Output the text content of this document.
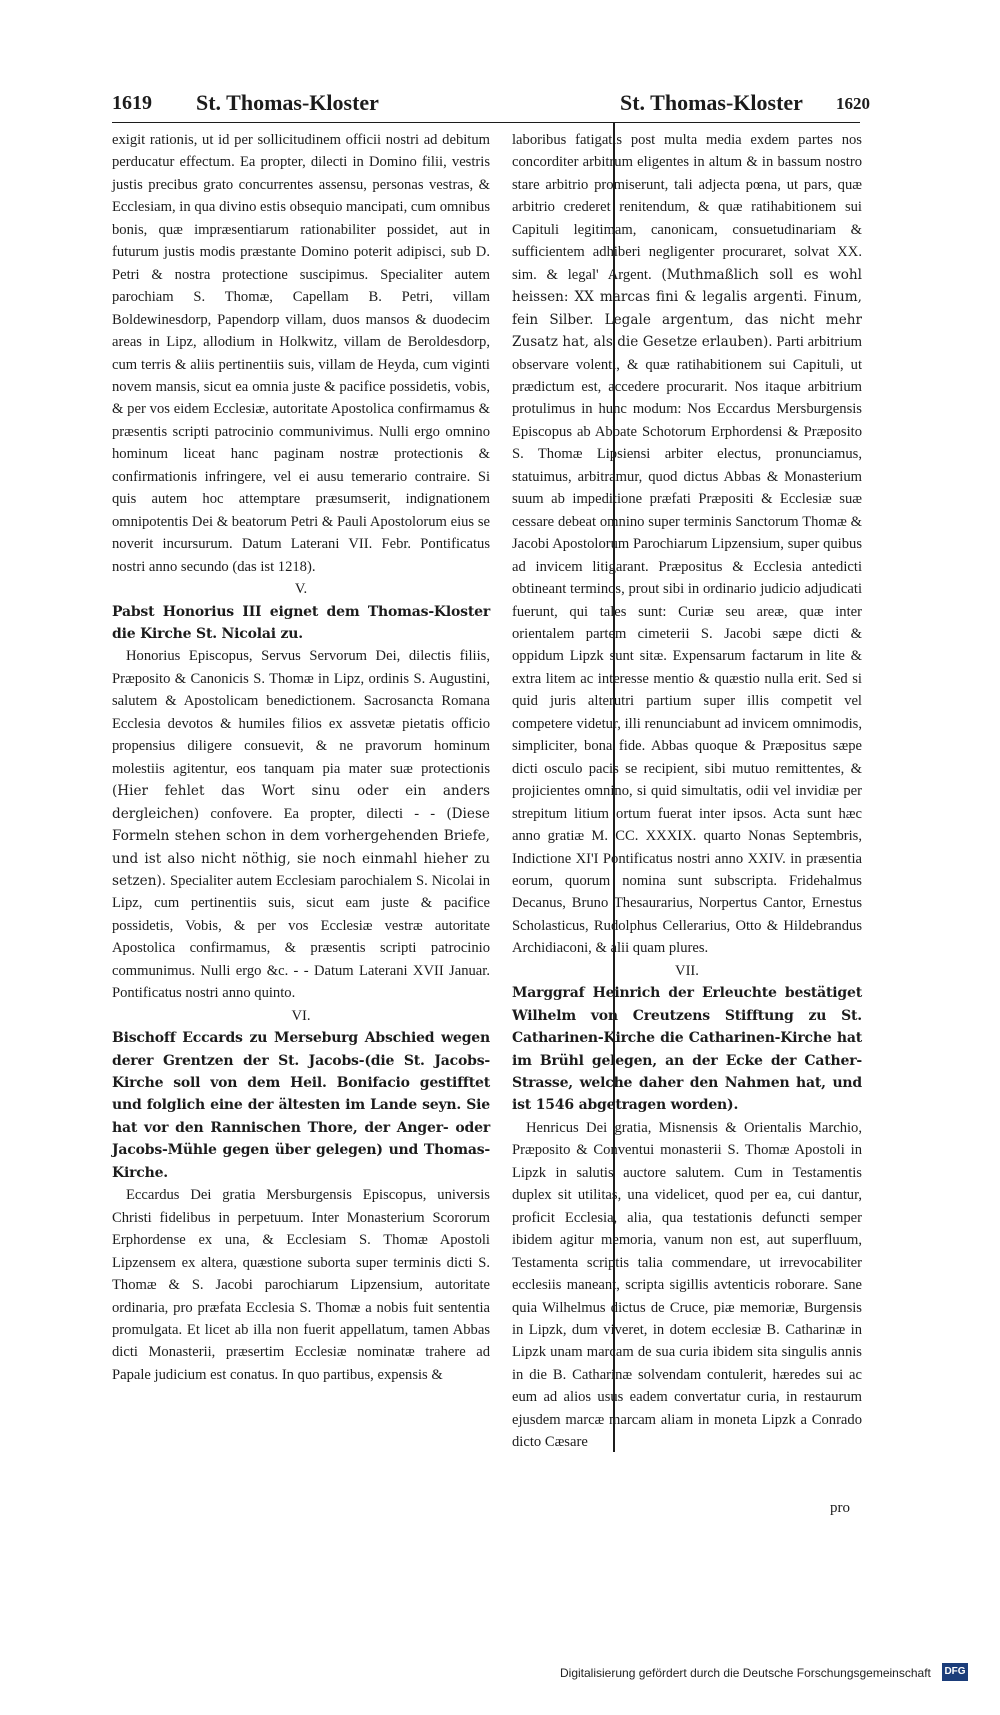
1619 St. Thomas-Kloster	St. Thomas-Kloster 1620

exigit rationis, ut id per sollicitudinem officii nostri ad debitum perducatur effectum. Ea propter, dilecti in Domino filii, vestris justis precibus grato concurrentes assensu, personas vestras, & Ecclesiam, in qua divino estis obsequio mancipati, cum omnibus bonis, quæ impræsentiarum rationabiliter possidet, aut in futurum justis modis præstante Domino poterit adipisci, sub D. Petri & nostra protectione suscipimus. Specialiter autem parochiam S. Thomæ, Capellam B. Petri, villam Boldewinesdorp, Papendorp villam, duos mansos & duodecim areas in Lipz, allodium in Holkwitz, villam de Beroldesdorp, cum terris & aliis pertinentiis suis, villam de Heyda, cum viginti novem mansis, sicut ea omnia juste & pacifice possidetis, vobis, & per vos eidem Ecclesiæ, autoritate Apostolica confirmamus & præsentis scripti patrocinio communivimus. Nulli ergo omnino hominum liceat hanc paginam nostræ protectionis & confirmationis infringere, vel ei ausu temerario contraire. Si quis autem hoc attemptare præsumserit, indignationem omnipotentis Dei & beatorum Petri & Pauli Apostolorum eius se noverit incursurum. Datum Laterani VII. Febr. Pontificatus nostri anno secundo (das ist 1218).

V.

Pabst Honorius III eignet dem Thomas-Kloster die Kirche St. Nicolai zu.

Honorius Episcopus, Servus Servorum Dei, dilectis filiis, Præposito & Canonicis S. Thomæ in Lipz, ordinis S. Augustini, salutem & Apostolicam benedictionem. Sacrosancta Romana Ecclesia devotos & humiles filios ex assvetæ pietatis officio propensius diligere consuevit, & ne pravorum hominum molestiis agitentur, eos tanquam pia mater suæ protectionis (Hier fehlet das Wort sinu oder ein anders dergleichen) confovere. Ea propter, dilecti - - (Diese Formeln stehen schon in dem vorhergehenden Briefe, und ist also nicht nöthig, sie noch einmahl hieher zu setzen). Specialiter autem Ecclesiam parochialem S. Nicolai in Lipz, cum pertinentiis suis, sicut eam juste & pacifice possidetis, Vobis, & per vos Ecclesiæ vestræ autoritate Apostolica confirmamus, & præsentis scripti patrocinio communimus. Nulli ergo &c. - - Datum Laterani XVII Januar. Pontificatus nostri anno quinto.

VI.

Bischoff Eccards zu Merseburg Abschied wegen derer Grentzen der St. Jacobs-(die St. Jacobs-Kirche soll von dem Heil. Bonifacio gestifftet und folglich eine der ältesten im Lande seyn. Sie hat vor den Rannischen Thore, der Anger- oder Jacobs-Mühle gegen über gelegen) und Thomas-Kirche.

Eccardus Dei gratia Mersburgensis Episcopus, universis Christi fidelibus in perpetuum. Inter Monasterium Scororum Erphordense ex una, & Ecclesiam S. Thomæ Apostoli Lipzensem ex altera, quæstione suborta super terminis dicti S. Thomæ & S. Jacobi parochiarum Lipzensium, autoritate ordinaria, pro præfata Ecclesia S. Thomæ a nobis fuit sententia promulgata. Et licet ab illa non fuerit appellatum, tamen Abbas dicti Monasterii, præsertim Ecclesiæ nominatæ trahere ad Papale judicium est conatus. In quo partibus, expensis &

laboribus fatigatis post multa media exdem partes nos concorditer arbitrum eligentes in altum & in bassum nostro stare arbitrio promiserunt, tali adjecta pœna, ut pars, quæ arbitrio crederet renitendum, & quæ ratihabitionem sui Capituli legitimam, canonicam, consuetudinariam & sufficientem adhiberi negligenter procuraret, solvat XX. sim. & legal' Argent. (Muthmaßlich soll es wohl heissen: XX marcas fini & legalis argenti. Finum, fein Silber. Legale argentum, das nicht mehr Zusatz hat, als die Gesetze erlauben). Parti arbitrium observare volenti, & quæ ratihabitionem sui Capituli, ut prædictum est, accedere procurarit. Nos itaque arbitrium protulimus in hunc modum: Nos Eccardus Mersburgensis Episcopus ab Abbate Schotorum Erphordensi & Præposito S. Thomæ Lipsiensi arbiter electus, pronunciamus, statuimus, arbitramur, quod dictus Abbas & Monasterium suum ab impeditione præfati Præpositi & Ecclesiæ suæ cessare debeat omnino super terminis Sanctorum Thomæ & Jacobi Apostolorum Parochiarum Lipzensium, super quibus ad invicem litigarant. Præpositus & Ecclesia antedicti obtineant terminos, prout sibi in ordinario judicio adjudicati fuerunt, qui tales sunt: Curiæ seu areæ, quæ inter orientalem partem cimeterii S. Jacobi sæpe dicti & oppidum Lipzk sunt sitæ. Expensarum factarum in lite & extra litem ac interesse mentio & quæstio nulla erit. Sed si quid juris alterutri partium super illis competit vel competere videtur, illi renunciabunt ad invicem omnimodis, simpliciter, bona fide. Abbas quoque & Præpositus sæpe dicti osculo pacis se recipient, sibi mutuo remittentes, & projicientes omnino, si quid simultatis, odii vel invidiæ per strepitum litium ortum fuerat inter ipsos. Acta sunt hæc anno gratiæ M. CC. XXXIX. quarto Nonas Septembris, Indictione XI'I Pontificatus nostri anno XXIV. in præsentia eorum, quorum nomina sunt subscripta. Fridehalmus Decanus, Bruno Thesaurarius, Norpertus Cantor, Ernestus Scholasticus, Rudolphus Cellerarius, Otto & Hildebrandus Archidiaconi, & alii quam plures.

VII.

Marggraf Heinrich der Erleuchte bestätiget Wilhelm von Creutzens Stifftung zu St. Catharinen-Kirche die Catharinen-Kirche hat im Brühl gelegen, an der Ecke der Cather-Strasse, welche daher den Nahmen hat, und ist 1546 abgetragen worden).

Henricus Dei gratia, Misnensis & Orientalis Marchio, Præposito & Conventui monasterii S. Thomæ Apostoli in Lipzk in salutis auctore salutem. Cum in Testamentis duplex sit utilitas, una videlicet, quod per ea, cui dantur, proficit Ecclesia, alia, qua testationis defuncti semper ibidem agitur memoria, vanum non est, aut superfluum, Testamenta scriptis talia commendare, ut irrevocabiliter ecclesiis maneant, scripta sigillis avtenticis roborare. Sane quia Wilhelmus dictus de Cruce, piæ memoriæ, Burgensis in Lipzk, dum viveret, in dotem ecclesiæ B. Catharinæ in Lipzk unam marcam de sua curia ibidem sita singulis annis in die B. Catharinæ solvendam contulerit, hæredes sui ac eum ad alios usus eadem convertatur curia, in restaurum ejusdem marcæ marcam aliam in moneta Lipzk a Conrado dicto Cæsare

pro
Digitalisierung gefördert durch die Deutsche Forschungsgemeinschaft DFG
